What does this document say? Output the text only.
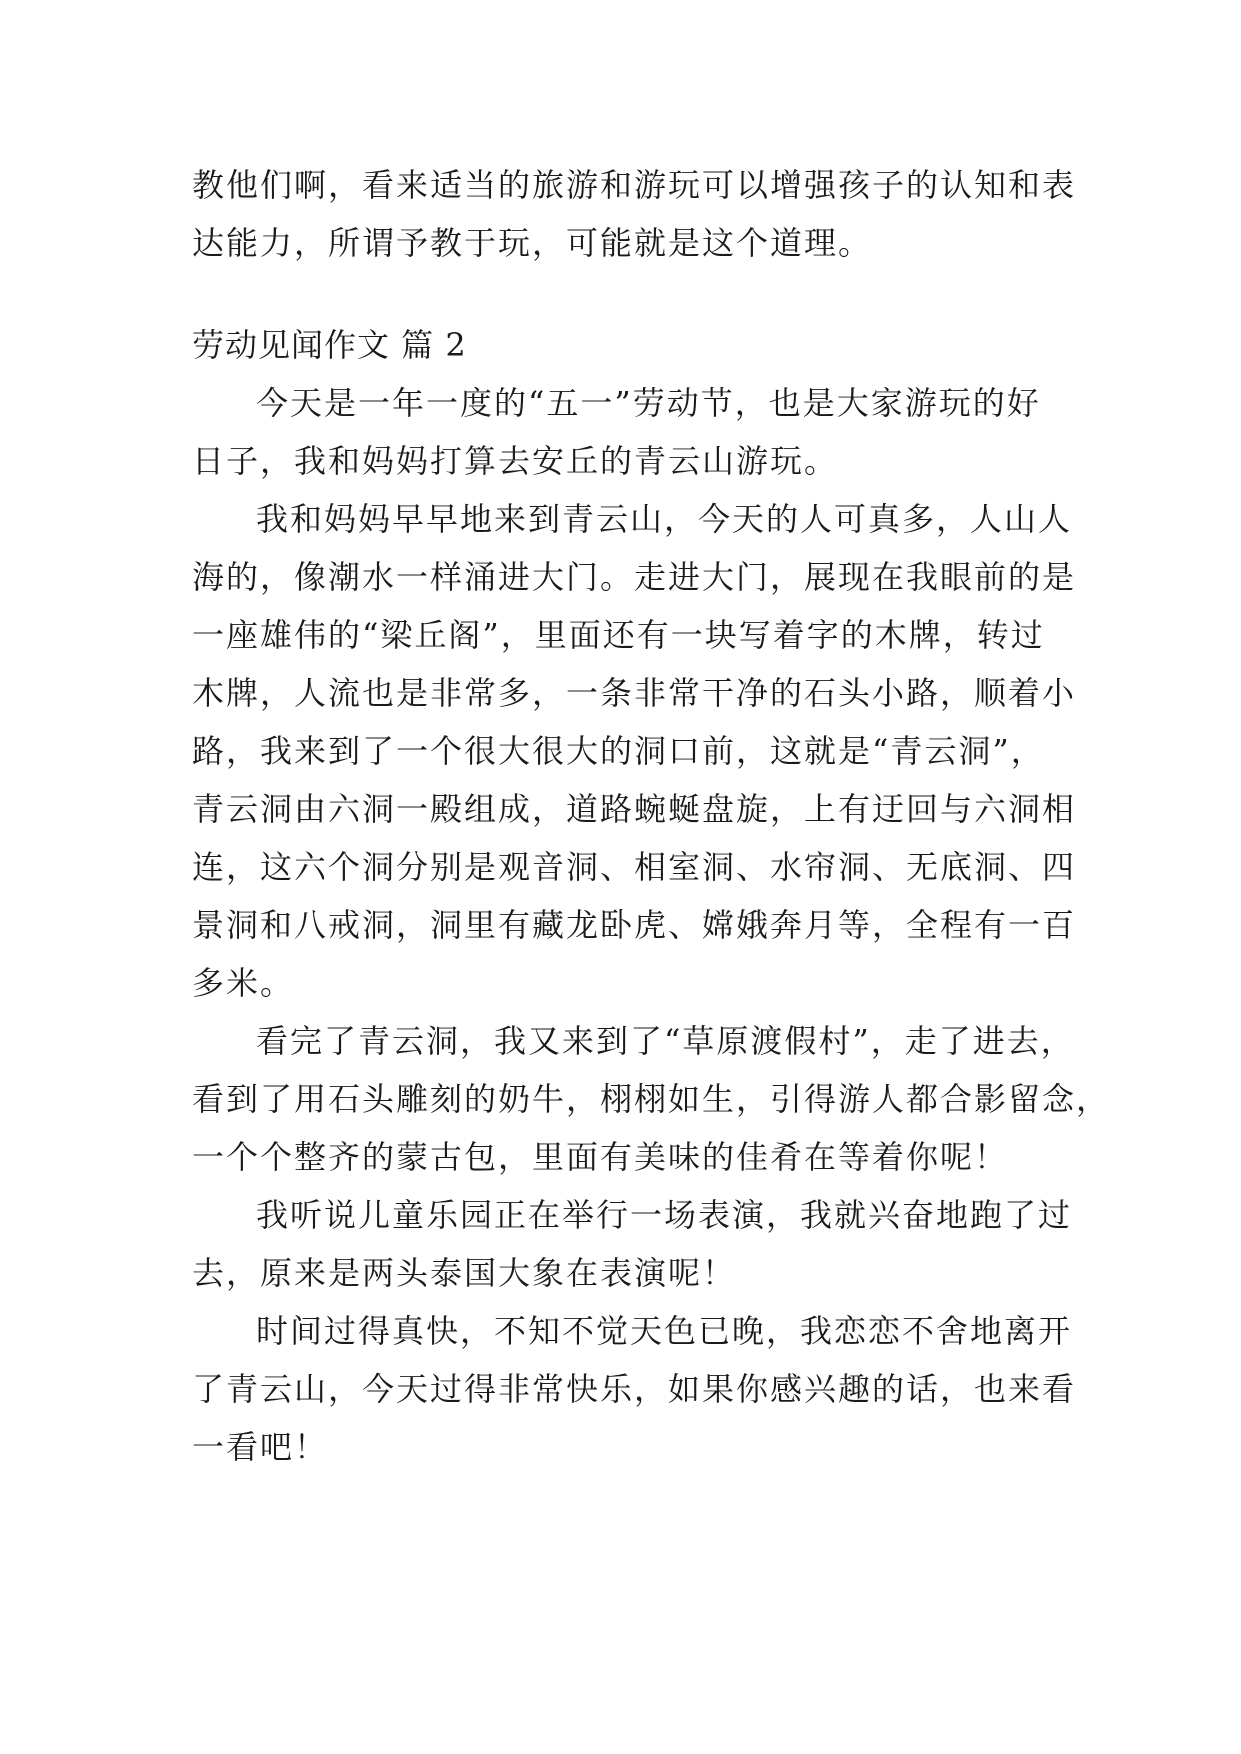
教他们啊，看来适当的旅游和游玩可以增强孩子的认知和表
达能力，所谓予教于玩，可能就是这个道理。
劳动见闻作文 篇 2
今天是一年一度的“五一”劳动节，也是大家游玩的好
日子，我和妈妈打算去安丘的青云山游玩。
我和妈妈早早地来到青云山，今天的人可真多，人山人
海的，像潮水一样涌进大门。走进大门，展现在我眼前的是
一座雄伟的“梁丘阁”，里面还有一块写着字的木牌，转过
木牌，人流也是非常多，一条非常干净的石头小路，顺着小
路，我来到了一个很大很大的洞口前，这就是“青云洞”，
青云洞由六洞一殿组成，道路蜿蜒盘旋，上有迂回与六洞相
连，这六个洞分别是观音洞、相室洞、水帘洞、无底洞、四
景洞和八戒洞，洞里有藏龙卧虎、嫦娥奔月等，全程有一百
多米。
看完了青云洞，我又来到了“草原渡假村”，走了进去，
看到了用石头雕刻的奶牛，栩栩如生，引得游人都合影留念，
一个个整齐的蒙古包，里面有美味的佳肴在等着你呢！
我听说儿童乐园正在举行一场表演，我就兴奋地跑了过
去，原来是两头泰国大象在表演呢！
时间过得真快，不知不觉天色已晚，我恋恋不舍地离开
了青云山，今天过得非常快乐，如果你感兴趣的话，也来看
一看吧！
